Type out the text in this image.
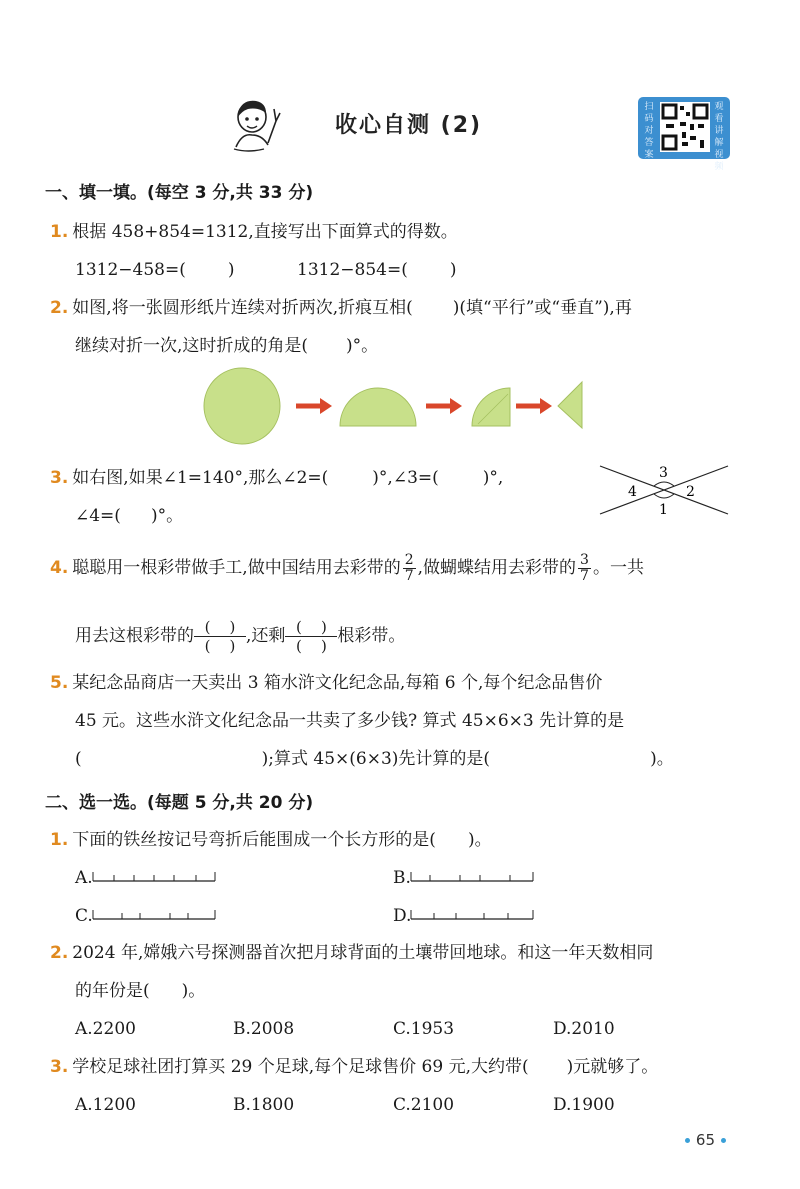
收心自测 (2)
扫码对答案
观看讲解视频
一、填一填。(每空 3 分,共 33 分)
1. 根据 458+854=1312,直接写出下面算式的得数。
1312−458=( )	1312−854=( )
2. 如图,将一张圆形纸片连续对折两次,折痕互相( )(填“平行”或“垂直”),再
继续对折一次,这时折成的角是( )°。
3. 如右图,如果∠1=140°,那么∠2=(	)°,∠3=(	)°,
∠4=( )°。
3
4	2
1
4. 聪聪用一根彩带做手工,做中国结用去彩带的 $\frac{2}{7}$ ,做蝴蝶结用去彩带的 $\frac{3}{7}$ 。一共
用去这根彩带的 ( )
( ) ,还剩 ( )
( ) 根彩带。
5. 某纪念品商店一天卖出 3 箱水浒文化纪念品,每箱 6 个,每个纪念品售价
45 元。这些水浒文化纪念品一共卖了多少钱? 算式 45×6×3 先计算的是
(	);算式 45×(6×3)先计算的是(	)。
二、选一选。(每题 5 分,共 20 分)
1. 下面的铁丝按记号弯折后能围成一个长方形的是( )。
A.	B.
C.	D.
2. 2024 年,嫦娥六号探测器首次把月球背面的土壤带回地球。和这一年天数相同
的年份是( )。
A.2200	B.2008	C.1953	D.2010
3. 学校足球社团打算买 29 个足球,每个足球售价 69 元,大约带( )元就够了。
A.1200	B.1800	C.2100	D.1900
65
